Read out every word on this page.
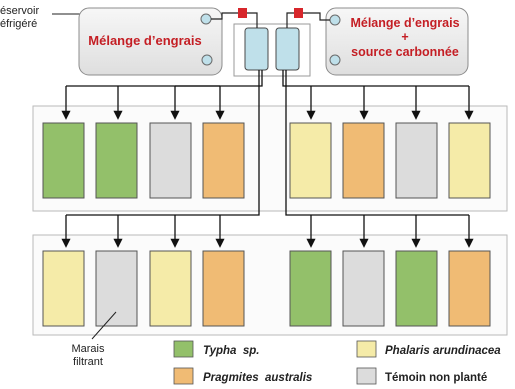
éservoir
éfrigéré
Mélange d’engrais
Mélange d’engrais
+
source carbonnée
Marais
filtrant
Typha  sp.	Phalaris arundinacea
Pragmites  australis	Témoin non planté
